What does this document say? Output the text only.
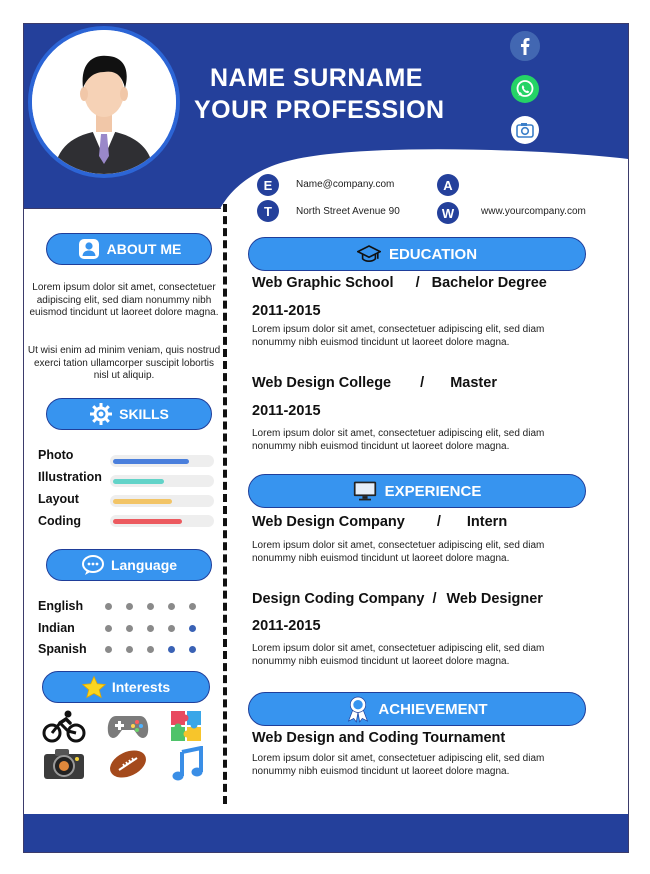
NAME SURNAME
YOUR PROFESSION
E	Name@company.com	A
T	North Street Avenue 90	W	www.yourcompany.com
ABOUT ME
Lorem ipsum dolor sit amet, consectetuer adipiscing elit, sed diam nonummy nibh euismod tincidunt ut laoreet dolore magna.
Ut wisi enim ad minim veniam, quis nostrud exerci tation ullamcorper suscipit lobortis nisl ut aliquip.
SKILLS
Photo
Illustration
Layout
Coding
Language
English
Indian
Spanish
Interests
EDUCATION
Web Graphic School / Bachelor Degree
2011-2015
Lorem ipsum dolor sit amet, consectetuer adipiscing elit, sed diam nonummy nibh euismod tincidunt ut laoreet dolore magna.
Web Design College / Master
2011-2015
Lorem ipsum dolor sit amet, consectetuer adipiscing elit, sed diam nonummy nibh euismod tincidunt ut laoreet dolore magna.
EXPERIENCE
Web Design Company / Intern
Lorem ipsum dolor sit amet, consectetuer adipiscing elit, sed diam nonummy nibh euismod tincidunt ut laoreet dolore magna.
Design Coding Company / Web Designer
2011-2015
Lorem ipsum dolor sit amet, consectetuer adipiscing elit, sed diam nonummy nibh euismod tincidunt ut laoreet dolore magna.
ACHIEVEMENT
Web Design and Coding Tournament
Lorem ipsum dolor sit amet, consectetuer adipiscing elit, sed diam nonummy nibh euismod tincidunt ut laoreet dolore magna.
